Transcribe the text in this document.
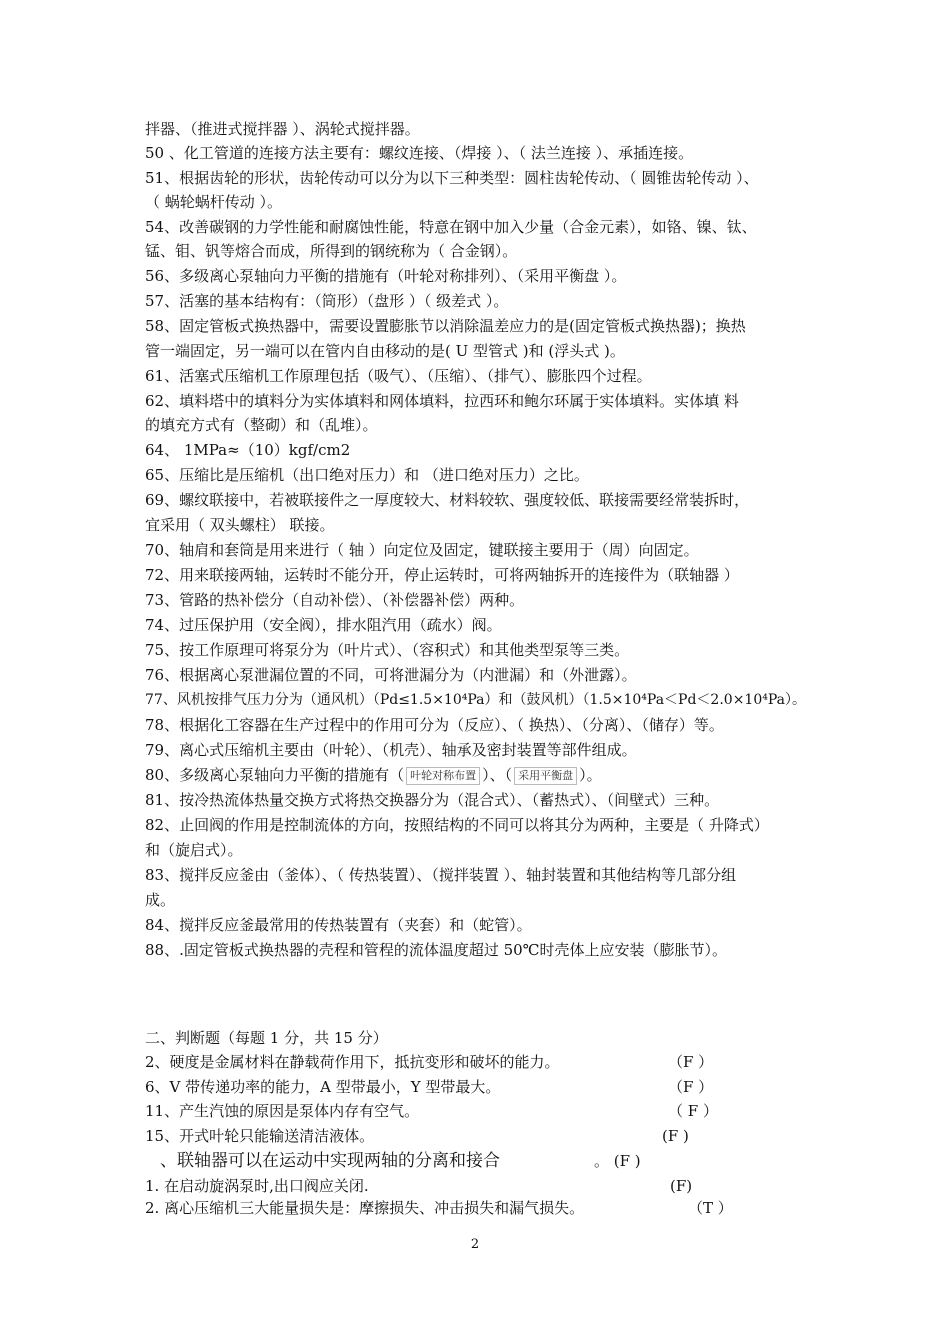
拌器、（推进式搅拌器 ）、涡轮式搅拌器。
50 、化工管道的连接方法主要有：螺纹连接、（焊接 ）、（ 法兰连接 ）、承插连接。
51、根据齿轮的形状，齿轮传动可以分为以下三种类型：圆柱齿轮传动、（ 圆锥齿轮传动 ）、
（ 蜗轮蜗杆传动 ）。
54、改善碳钢的力学性能和耐腐蚀性能，特意在钢中加入少量（合金元素），如铬、镍、钛、
锰、钼、钒等熔合而成，所得到的钢统称为（ 合金钢）。
56、多级离心泵轴向力平衡的措施有（叶轮对称排列）、（采用平衡盘 ）。
57、活塞的基本结构有：（筒形）（盘形 ）（ 级差式 ）。
58、固定管板式换热器中，需要设置膨胀节以消除温差应力的是(固定管板式换热器)；换热
管一端固定，另一端可以在管内自由移动的是( U 型管式 )和 (浮头式 )。
61、活塞式压缩机工作原理包括（吸气）、（压缩）、（排气）、膨胀四个过程。
62、填料塔中的填料分为实体填料和网体填料，拉西环和鲍尔环属于实体填料。实体填 料
的填充方式有（整砌）和（乱堆）。
64、 1MPa≈（10）kgf/cm2
65、压缩比是压缩机（出口绝对压力）和 （进口绝对压力）之比。
69、螺纹联接中，若被联接件之一厚度较大、材料较软、强度较低、联接需要经常装拆时，
宜采用（ 双头螺柱） 联接。
70、轴肩和套筒是用来进行（ 轴 ）向定位及固定，键联接主要用于（周）向固定。
72、用来联接两轴，运转时不能分开，停止运转时，可将两轴拆开的连接件为（联轴器 ）
73、管路的热补偿分（自动补偿）、（补偿器补偿）两种。
74、过压保护用（安全阀），排水阻汽用（疏水）阀。
75、按工作原理可将泵分为（叶片式）、（容积式）和其他类型泵等三类。
76、根据离心泵泄漏位置的不同，可将泄漏分为（内泄漏）和（外泄露）。
77、风机按排气压力分为（通风机）（Pd≤1.5×10⁴Pa）和（鼓风机）（1.5×10⁴Pa＜Pd＜2.0×10⁴Pa）。
78、根据化工容器在生产过程中的作用可分为（反应）、（ 换热）、（分离）、（储存）等。
79、离心式压缩机主要由（叶轮）、（机壳）、轴承及密封装置等部件组成。
80、多级离心泵轴向力平衡的措施有（ 叶轮对称布置 ）、（ 采用平衡盘 ）。
81、按冷热流体热量交换方式将热交换器分为（混合式）、（蓄热式）、（间壁式）三种。
82、止回阀的作用是控制流体的方向，按照结构的不同可以将其分为两种，主要是（ 升降式）
和（旋启式）。
83、搅拌反应釜由（釜体）、（ 传热装置）、（搅拌装置 ）、轴封装置和其他结构等几部分组
成。
84、搅拌反应釜最常用的传热装置有（夹套）和（蛇管）。
88、.固定管板式换热器的壳程和管程的流体温度超过 50℃时壳体上应安装（膨胀节）。
二、判断题（每题 1 分，共 15 分）
2、硬度是金属材料在静载荷作用下，抵抗变形和破坏的能力。	（F ）
6、V 带传递功率的能力，A 型带最小，Y 型带最大。	（F ）
11、产生汽蚀的原因是泵体内存有空气。	（ F ）
15、开式叶轮只能输送清洁液体。	(F )
、联轴器可以在运动中实现两轴的分离和接合	。 (F )
1. 在启动旋涡泵时,出口阀应关闭.	(F)
2. 离心压缩机三大能量损失是：摩擦损失、冲击损失和漏气损失。	（T ）
2
